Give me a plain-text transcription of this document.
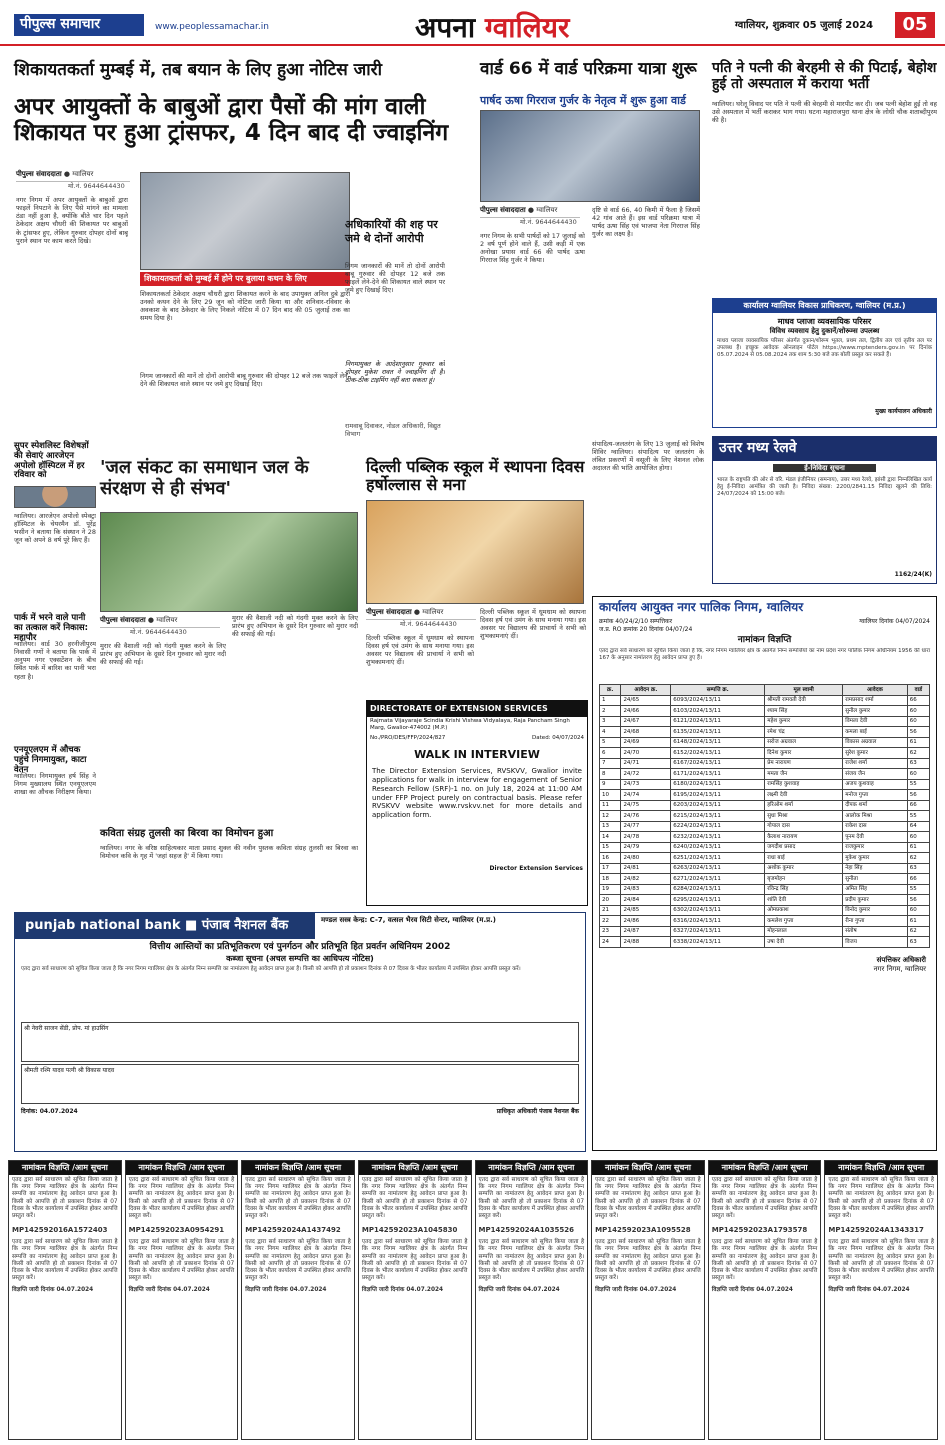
पीपुल्स समाचार	www.peoplessamachar.in	अपना ग्वालियर	ग्वालियर, शुक्रवार 05 जुलाई 2024	05
शिकायतकर्ता मुम्बई में, तब बयान के लिए हुआ नोटिस जारी
अपर आयुक्तों के बाबुओं द्वारा पैसों की मांग वाली शिकायत पर हुआ ट्रांसफर, 4 दिन बाद दी ज्वाइनिंग
पीपुल्स संवाददाता ● ग्वालियर
मो.नं. 9644644430
नगर निगम में अपर आयुक्तों के बाबुओं द्वारा फाइलें निपटाने के लिए पैसे मांगने का मामला ठंडा नहीं हुआ है, क्योंकि बीते चार दिन पहले ठेकेदार अक्षय चौधरी की शिकायत पर बाबुओं के ट्रांसफर हुए, लेकिन गुरुवार दोपहर दोनों बाबू पुराने स्थान पर काम करते दिखे।
शिकायतकर्ता को मुम्बई में होने पर बुलाया कथन के लिए
शिकायतकर्ता ठेकेदार अक्षय चौधरी द्वारा शिकायत करने के बाद उपायुक्त अनिल दुबे द्वारा उनको कथन देने के लिए 29 जून को नोटिस जारी किया था और शनिवार-रविवार के अवकाश के बाद ठेकेदार के लिए निकले नोटिस में 07 दिन बाद की 05 जुलाई तक का समय दिया है।
निगम जानकारों की मानें तो दोनों आरोपी बाबू गुरुवार की दोपहर 12 बजे तक फाइलें लेने-देने की शिकायत वाले स्थान पर जमे हुए दिखाई दिए।
अधिकारियों की शह पर जमे थे दोनों आरोपी
निगम जानकारों की मानें तो दोनों आरोपी बाबू गुरुवार की दोपहर 12 बजे तक फाइलें लेने-देने की शिकायत वाले स्थान पर जमे हुए दिखाई दिए।
निगमायुक्त के आदेशानुसार गुरुवार को दोपहर मुकेश रावत ने ज्वाइनिंग दी है। ठीक-ठीक टाइमिंग नहीं बता सकता हूं।
रामवाबू दिवाकर, नोडल अधिकारी, विद्युत विभाग
वार्ड 66 में वार्ड परिक्रमा यात्रा शुरू
पार्षद ऊषा गिरराज गुर्जर के नेतृत्व में शुरू हुआ वार्ड
पीपुल्स संवाददाता ● ग्वालियर
मो.नं. 9644644430
नगर निगम के सभी पार्षदों को 17 जुलाई को 2 वर्ष पूर्ण होने वाले हैं, उसी कड़ी में एक अनोखा प्रयास वार्ड 66 की पार्षद ऊषा गिरराज सिंह गुर्जर ने किया।
दृष्टि से वार्ड 66, 40 किमी में फैला है जिसमें 42 गांव आते हैं। इस वार्ड परिक्रमा यात्रा में पार्षद ऊषा सिंह एवं भाजपा नेता गिरराज सिंह गुर्जर का लक्ष्य है।
पति ने पत्नी की बेरहमी से की पिटाई, बेहोश हुई तो अस्पताल में कराया भर्ती
ग्वालियर। घरेलू विवाद पर पति ने पत्नी की बेरहमी से मारपीट कर दी। जब पत्नी बेहोश हुई तो वह उसे अस्पताल में भर्ती कराकर भाग गया। घटना महाराजपुरा थाना क्षेत्र के लोधी चौक शताब्दीपुरम की है।
कार्यालय ग्वालियर विकास प्राधिकरण, ग्वालियर (म.प्र.)
माधव प्लाजा व्यवसायिक परिसर
विविध व्यवसाय हेतु दुकानें/शोरूम्स उपलब्ध
माधव प्लाजा व्यवसायिक परिसर अंतर्गत दुकान/शोरूम भूतल, प्रथम तल, द्वितीय तल एवं तृतीय तल पर उपलब्ध हैं। इच्छुक आवेदक ऑनलाइन पोर्टल https://www.mptenders.gov.in पर दिनांक 05.07.2024 से 05.08.2024 तक शाम 5:30 बजे तक बोली प्रस्तुत कर सकते हैं।
मुख्य कार्यपालन अधिकारी
उत्तर मध्य रेलवे
ई-निविदा सूचना
भारत के राष्ट्रपति की ओर से वरि. मंडल इंजीनियर (समन्वय), उत्तर मध्य रेलवे, झांसी द्वारा निम्नलिखित कार्य हेतु ई-निविदा आमंत्रित की जाती है। निविदा संख्या: 2200/2841.15 निविदा खुलने की तिथि: 24/07/2024 को 15:00 बजे।
1162/24(K)
'जल संकट का समाधान जल के संरक्षण से ही संभव'
पीपुल्स संवाददाता ● ग्वालियर
मो.नं. 9644644430
मुरार की वैशाली नदी को गंदगी मुक्त करने के लिए प्रारंभ हुए अभियान के दूसरे दिन गुरुवार को मुरार नदी की सफाई की गई।
मुरार की वैशाली नदी को गंदगी मुक्त करने के लिए प्रारंभ हुए अभियान के दूसरे दिन गुरुवार को मुरार नदी की सफाई की गई।
कविता संग्रह तुलसी का बिरवा का विमोचन हुआ
ग्वालियर। नगर के वरिष्ठ साहित्यकार माता प्रसाद शुक्ल की नवीन पुस्तक कविता संग्रह तुलसी का बिरवा का विमोचन कवि के गृह में 'जहां सहज है' में किया गया।
सुपर स्पेशलिस्ट विशेषज्ञों की सेवाएं आरजेएन अपोलो हॉस्पिटल में हर रविवार को
ग्वालियर। आरजेएन अपोलो स्पेक्ट्रा हॉस्पिटल के चेयरमैन डॉ. पूरेंद्र भसीन ने बताया कि संस्थान ने 28 जून को अपने 8 वर्ष पूरे किए हैं।
पार्क में भरने वाले पानी का तत्काल करें निकास: महापौर
ग्वालियर। वार्ड 30 हरनीजीपुरम निवासी गणों ने बताया कि पार्क में अनुपम नगर एक्सटेंशन के बीच स्थित पार्क में बारिश का पानी भरा रहता है।
एनयूएलएम में औचक पहुंचे निगमायुक्त, काटा वेतन
ग्वालियर। निगमायुक्त हर्ष सिंह ने निगम मुख्यालय स्थित एनयूएलएम शाखा का औचक निरीक्षण किया।
दिल्ली पब्लिक स्कूल में स्थापना दिवस हर्षोल्लास से मना
पीपुल्स संवाददाता ● ग्वालियर
मो.नं. 9644644430
दिल्ली पब्लिक स्कूल में धूमधाम को स्थापना दिवस हर्ष एवं उमंग के साथ मनाया गया। इस अवसर पर विद्यालय की प्राचार्या ने सभी को शुभकामनाएं दीं।
दिल्ली पब्लिक स्कूल में धूमधाम को स्थापना दिवस हर्ष एवं उमंग के साथ मनाया गया। इस अवसर पर विद्यालय की प्राचार्या ने सभी को शुभकामनाएं दीं।
संपादित्य-जलतरंग के लिए 13 जुलाई को विशेष शिविर ग्वालियर। संपादित्य पर जलतरंग के लंबित प्रकरणों में वसूली के लिए नेशनल लोक अदालत की भांति आयोजित होगा।
DIRECTORATE OF EXTENSION SERVICES
Rajmata Vijayaraje Scindia Krishi Vishwa Vidyalaya, Raja Pancham Singh Marg, Gwalior-474002 (M.P.)
No./PRO/DES/FFP/2024/827	Dated: 04/07/2024
WALK IN INTERVIEW
The Director Extension Services, RVSKVV, Gwalior invite applications for walk in interview for engagement of Senior Research Fellow (SRF)-1 no. on July 18, 2024 at 11:00 AM under FFP Project purely on contractual basis. Please refer RVSKVV website www.rvskvv.net for more details and application form.
Director Extension Services
कार्यालय आयुक्त नगर पालिक निगम, ग्वालियर
क्रमांक 40/24/2/10 सम्पत्तिकर	ग्वालियर दिनांक 04/07/2024
ज.प्र. RO क्रमांक 20 दिनांक 04/07/24
नामांकन विज्ञप्ति
एतद द्वारा सर्व साधारण को सूचित किया जाता है कि, नगर निगम ग्वालियर क्षेत्र के अंतर्गत निम्न सम्पत्तियों का नाम प्रदेश नगर पालिक निगम अधिनियम 1956 की धारा 167 के अनुसार नामांतरण हेतु आवेदन प्राप्त हुए हैं।
क्र.	आवेदन क्र.	सम्पत्ति क्र.	मूल स्वामी	आवेदक	वार्ड
1	24/65	6093/2024/13/11	श्रीमती रामवती देवी	रामप्रसाद शर्मा	66
2	24/66	6103/2024/13/11	श्याम सिंह	सुनील कुमार	60
3	24/67	6121/2024/13/11	महेश कुमार	विमला देवी	60
4	24/68	6135/2024/13/11	रमेश चंद्र	कमला बाई	56
5	24/69	6148/2024/13/11	सरोज अग्रवाल	विकास अग्रवाल	61
6	24/70	6152/2024/13/11	दिनेश कुमार	सुरेश कुमार	62
7	24/71	6167/2024/13/11	प्रेम नारायण	राजेश शर्मा	63
8	24/72	6171/2024/13/11	ममता जैन	संजय जैन	60
9	24/73	6180/2024/13/11	रामसिंह कुशवाह	अजय कुशवाह	55
10	24/74	6195/2024/13/11	लक्ष्मी देवी	मनोज गुप्ता	56
11	24/75	6203/2024/13/11	हरिओम शर्मा	दीपक शर्मा	66
12	24/76	6215/2024/13/11	सुधा मिश्रा	आलोक मिश्रा	55
13	24/77	6224/2024/13/11	गोपाल दास	राकेश दास	64
14	24/78	6232/2024/13/11	कैलाश नारायण	पूनम देवी	60
15	24/79	6240/2024/13/11	जगदीश प्रसाद	राजकुमार	61
16	24/80	6251/2024/13/11	राधा बाई	मुकेश कुमार	62
17	24/81	6263/2024/13/11	अशोक कुमार	नेहा सिंह	63
18	24/82	6271/2024/13/11	बृजमोहन	सुनीता	66
19	24/83	6284/2024/13/11	रविन्द्र सिंह	अमित सिंह	55
20	24/84	6295/2024/13/11	शांति देवी	प्रदीप कुमार	56
21	24/85	6302/2024/13/11	ओमप्रकाश	विनोद कुमार	60
22	24/86	6316/2024/13/11	कमलेश गुप्ता	रीना गुप्ता	61
23	24/87	6327/2024/13/11	मोहनलाल	संतोष	62
24	24/88	6338/2024/13/11	उषा देवी	विजय	63
संपत्तिकर अधिकारी
नगर निगम, ग्वालियर
punjab national bank ■ पंजाब नैशनल बैंक	मण्डल सस्त्र केन्द्र: C-7, वत्सल भैरव सिटी सेन्टर, ग्वालियर (म.प्र.)
वित्तीय आस्तियों का प्रतिभूतिकरण एवं पुनर्गठन और प्रतिभूति हित प्रवर्तन अधिनियम 2002
कब्जा सूचना (अचल सम्पत्ति का आधिपत्य नोटिस)
एतद द्वारा सर्व साधारण को सूचित किया जाता है कि नगर निगम ग्वालियर क्षेत्र के अंतर्गत निम्न सम्पत्ति का नामांतरण हेतु आवेदन प्राप्त हुआ है। किसी को आपत्ति हो तो प्रकाशन दिनांक से 07 दिवस के भीतर कार्यालय में उपस्थित होकर आपत्ति प्रस्तुत करें।
श्री नेवरी साजन सेंडी, प्रोप. मां हाउसिंग
श्रीमती रश्मि यादव पत्नी श्री विकास यादव
दिनांक: 04.07.2024	प्राधिकृत अधिकारी पंजाब नैशनल बैंक
नामांकन विज्ञप्ति /आम सूचना
एतद द्वारा सर्व साधारण को सूचित किया जाता है कि नगर निगम ग्वालियर क्षेत्र के अंतर्गत निम्न सम्पत्ति का नामांतरण हेतु आवेदन प्राप्त हुआ है। किसी को आपत्ति हो तो प्रकाशन दिनांक से 07 दिवस के भीतर कार्यालय में उपस्थित होकर आपत्ति प्रस्तुत करें।
MP142592016A1572403
एतद द्वारा सर्व साधारण को सूचित किया जाता है कि नगर निगम ग्वालियर क्षेत्र के अंतर्गत निम्न सम्पत्ति का नामांतरण हेतु आवेदन प्राप्त हुआ है। किसी को आपत्ति हो तो प्रकाशन दिनांक से 07 दिवस के भीतर कार्यालय में उपस्थित होकर आपत्ति प्रस्तुत करें।
विज्ञप्ति जारी दिनांक 04.07.2024
नामांकन विज्ञप्ति /आम सूचना
एतद द्वारा सर्व साधारण को सूचित किया जाता है कि नगर निगम ग्वालियर क्षेत्र के अंतर्गत निम्न सम्पत्ति का नामांतरण हेतु आवेदन प्राप्त हुआ है। किसी को आपत्ति हो तो प्रकाशन दिनांक से 07 दिवस के भीतर कार्यालय में उपस्थित होकर आपत्ति प्रस्तुत करें।
MP142592023A0954291
एतद द्वारा सर्व साधारण को सूचित किया जाता है कि नगर निगम ग्वालियर क्षेत्र के अंतर्गत निम्न सम्पत्ति का नामांतरण हेतु आवेदन प्राप्त हुआ है। किसी को आपत्ति हो तो प्रकाशन दिनांक से 07 दिवस के भीतर कार्यालय में उपस्थित होकर आपत्ति प्रस्तुत करें।
विज्ञप्ति जारी दिनांक 04.07.2024
नामांकन विज्ञप्ति /आम सूचना
एतद द्वारा सर्व साधारण को सूचित किया जाता है कि नगर निगम ग्वालियर क्षेत्र के अंतर्गत निम्न सम्पत्ति का नामांतरण हेतु आवेदन प्राप्त हुआ है। किसी को आपत्ति हो तो प्रकाशन दिनांक से 07 दिवस के भीतर कार्यालय में उपस्थित होकर आपत्ति प्रस्तुत करें।
MP142592024A1437492
एतद द्वारा सर्व साधारण को सूचित किया जाता है कि नगर निगम ग्वालियर क्षेत्र के अंतर्गत निम्न सम्पत्ति का नामांतरण हेतु आवेदन प्राप्त हुआ है। किसी को आपत्ति हो तो प्रकाशन दिनांक से 07 दिवस के भीतर कार्यालय में उपस्थित होकर आपत्ति प्रस्तुत करें।
विज्ञप्ति जारी दिनांक 04.07.2024
नामांकन विज्ञप्ति /आम सूचना
एतद द्वारा सर्व साधारण को सूचित किया जाता है कि नगर निगम ग्वालियर क्षेत्र के अंतर्गत निम्न सम्पत्ति का नामांतरण हेतु आवेदन प्राप्त हुआ है। किसी को आपत्ति हो तो प्रकाशन दिनांक से 07 दिवस के भीतर कार्यालय में उपस्थित होकर आपत्ति प्रस्तुत करें।
MP142592023A1045830
एतद द्वारा सर्व साधारण को सूचित किया जाता है कि नगर निगम ग्वालियर क्षेत्र के अंतर्गत निम्न सम्पत्ति का नामांतरण हेतु आवेदन प्राप्त हुआ है। किसी को आपत्ति हो तो प्रकाशन दिनांक से 07 दिवस के भीतर कार्यालय में उपस्थित होकर आपत्ति प्रस्तुत करें।
विज्ञप्ति जारी दिनांक 04.07.2024
नामांकन विज्ञप्ति /आम सूचना
एतद द्वारा सर्व साधारण को सूचित किया जाता है कि नगर निगम ग्वालियर क्षेत्र के अंतर्गत निम्न सम्पत्ति का नामांतरण हेतु आवेदन प्राप्त हुआ है। किसी को आपत्ति हो तो प्रकाशन दिनांक से 07 दिवस के भीतर कार्यालय में उपस्थित होकर आपत्ति प्रस्तुत करें।
MP142592024A1035526
एतद द्वारा सर्व साधारण को सूचित किया जाता है कि नगर निगम ग्वालियर क्षेत्र के अंतर्गत निम्न सम्पत्ति का नामांतरण हेतु आवेदन प्राप्त हुआ है। किसी को आपत्ति हो तो प्रकाशन दिनांक से 07 दिवस के भीतर कार्यालय में उपस्थित होकर आपत्ति प्रस्तुत करें।
विज्ञप्ति जारी दिनांक 04.07.2024
नामांकन विज्ञप्ति /आम सूचना
एतद द्वारा सर्व साधारण को सूचित किया जाता है कि नगर निगम ग्वालियर क्षेत्र के अंतर्गत निम्न सम्पत्ति का नामांतरण हेतु आवेदन प्राप्त हुआ है। किसी को आपत्ति हो तो प्रकाशन दिनांक से 07 दिवस के भीतर कार्यालय में उपस्थित होकर आपत्ति प्रस्तुत करें।
MP142592023A1095528
एतद द्वारा सर्व साधारण को सूचित किया जाता है कि नगर निगम ग्वालियर क्षेत्र के अंतर्गत निम्न सम्पत्ति का नामांतरण हेतु आवेदन प्राप्त हुआ है। किसी को आपत्ति हो तो प्रकाशन दिनांक से 07 दिवस के भीतर कार्यालय में उपस्थित होकर आपत्ति प्रस्तुत करें।
विज्ञप्ति जारी दिनांक 04.07.2024
नामांकन विज्ञप्ति /आम सूचना
एतद द्वारा सर्व साधारण को सूचित किया जाता है कि नगर निगम ग्वालियर क्षेत्र के अंतर्गत निम्न सम्पत्ति का नामांतरण हेतु आवेदन प्राप्त हुआ है। किसी को आपत्ति हो तो प्रकाशन दिनांक से 07 दिवस के भीतर कार्यालय में उपस्थित होकर आपत्ति प्रस्तुत करें।
MP142592023A1793578
एतद द्वारा सर्व साधारण को सूचित किया जाता है कि नगर निगम ग्वालियर क्षेत्र के अंतर्गत निम्न सम्पत्ति का नामांतरण हेतु आवेदन प्राप्त हुआ है। किसी को आपत्ति हो तो प्रकाशन दिनांक से 07 दिवस के भीतर कार्यालय में उपस्थित होकर आपत्ति प्रस्तुत करें।
विज्ञप्ति जारी दिनांक 04.07.2024
नामांकन विज्ञप्ति /आम सूचना
एतद द्वारा सर्व साधारण को सूचित किया जाता है कि नगर निगम ग्वालियर क्षेत्र के अंतर्गत निम्न सम्पत्ति का नामांतरण हेतु आवेदन प्राप्त हुआ है। किसी को आपत्ति हो तो प्रकाशन दिनांक से 07 दिवस के भीतर कार्यालय में उपस्थित होकर आपत्ति प्रस्तुत करें।
MP142592024A1343317
एतद द्वारा सर्व साधारण को सूचित किया जाता है कि नगर निगम ग्वालियर क्षेत्र के अंतर्गत निम्न सम्पत्ति का नामांतरण हेतु आवेदन प्राप्त हुआ है। किसी को आपत्ति हो तो प्रकाशन दिनांक से 07 दिवस के भीतर कार्यालय में उपस्थित होकर आपत्ति प्रस्तुत करें।
विज्ञप्ति जारी दिनांक 04.07.2024
